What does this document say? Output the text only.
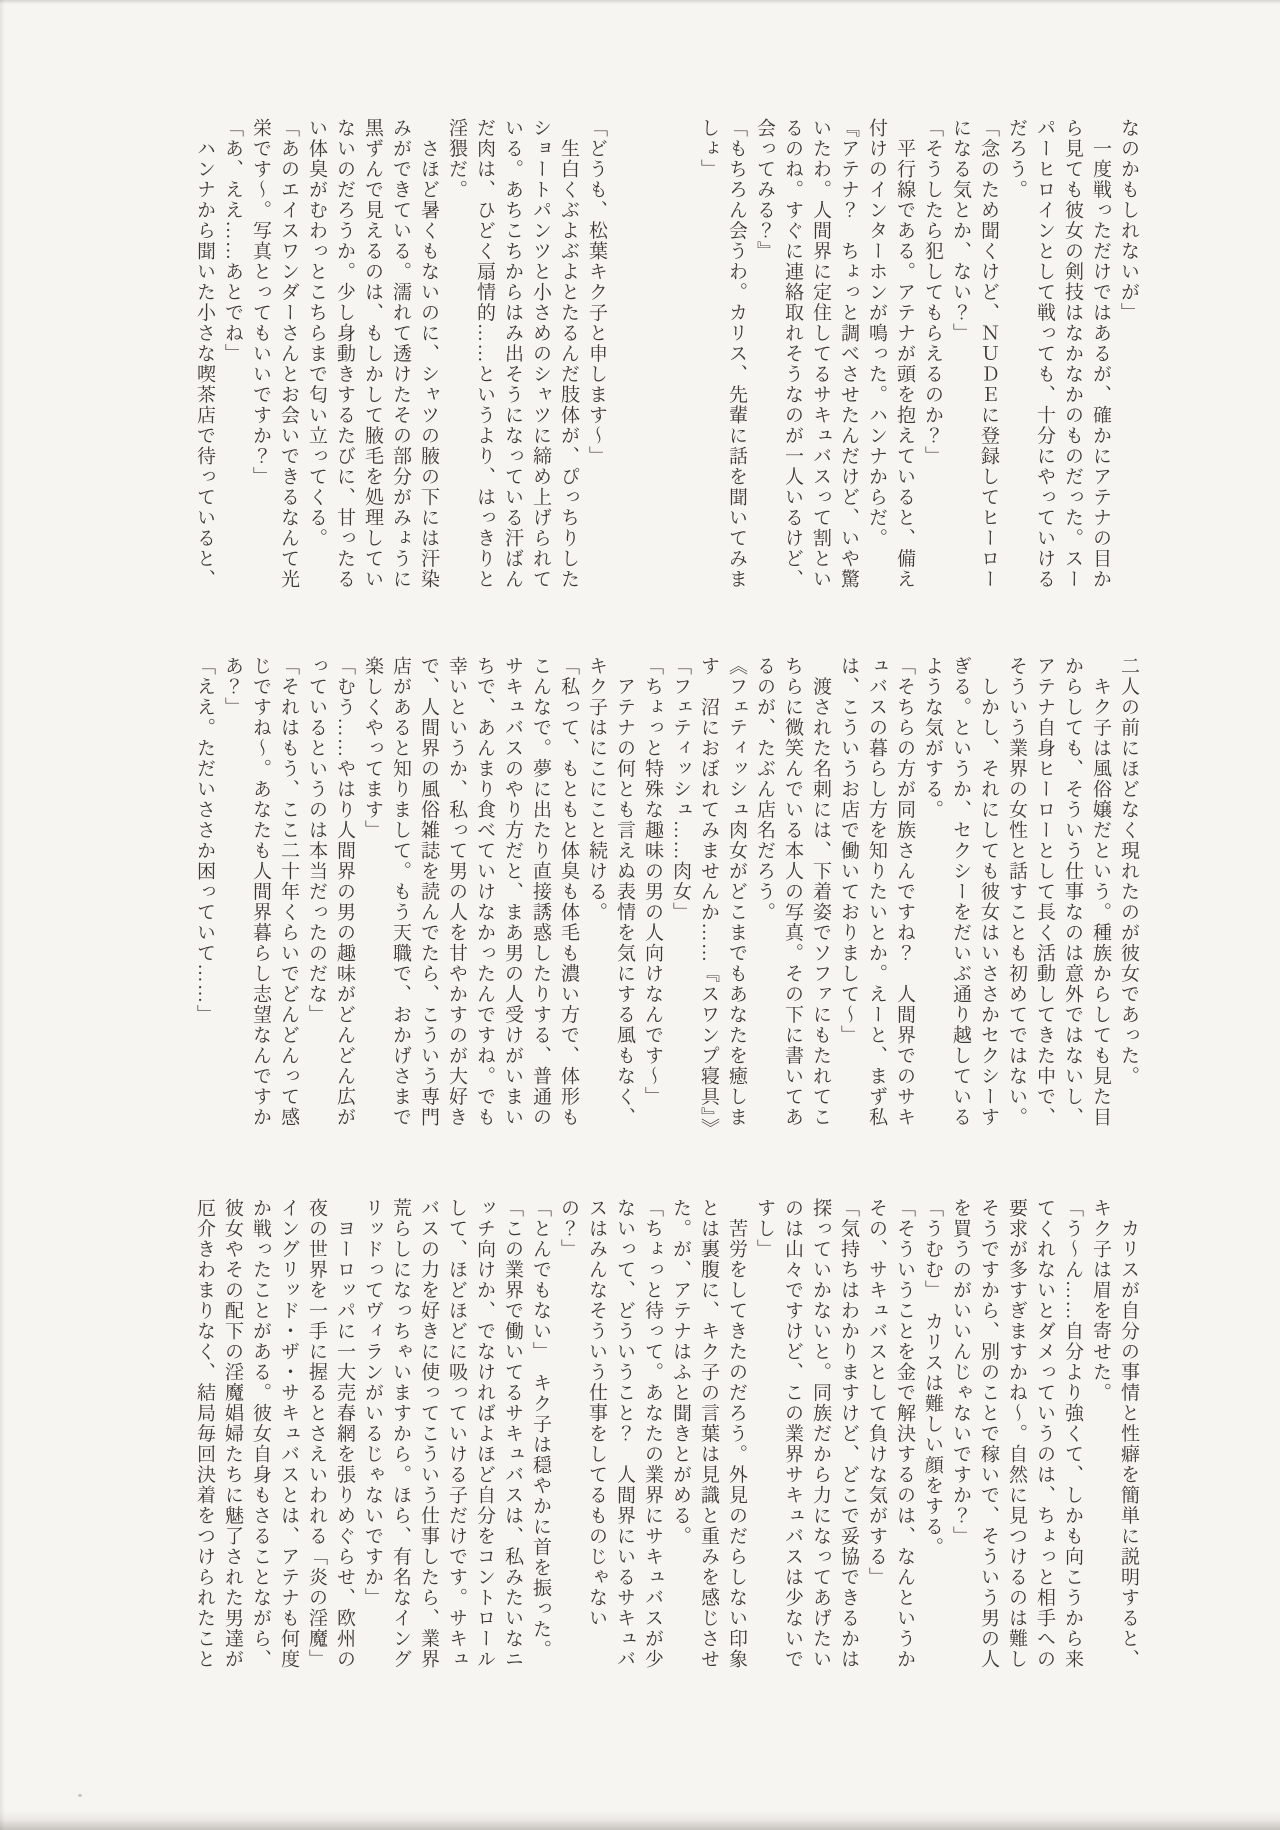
なのかもしれないが」
　一度戦っただけではあるが、確かにアテナの目か
ら見ても彼女の剣技はなかなかのものだった。スー
パーヒロインとして戦っても、十分にやっていける
だろう。
「念のため聞くけど、ＮＵＤＥに登録してヒーロー
になる気とか、ない？」
「そうしたら犯してもらえるのか？」
　平行線である。アテナが頭を抱えていると、備え
付けのインターホンが鳴った。ハンナからだ。
『アテナ？　ちょっと調べさせたんだけど、いや驚
いたわ。人間界に定住してるサキュバスって割とい
るのね。すぐに連絡取れそうなのが一人いるけど、
会ってみる？』
「もちろん会うわ。カリス、先輩に話を聞いてみま
しょ」

「どうも、松葉キク子と申します〜」
　生白くぶよぶよとたるんだ肢体が、ぴっちりした
ショートパンツと小さめのシャツに締め上げられて
いる。あちこちからはみ出そうになっている汗ばん
だ肉は、ひどく扇情的……というより、はっきりと
淫猥だ。
　さほど暑くもないのに、シャツの腋の下には汗染
みができている。濡れて透けたその部分がみょうに
黒ずんで見えるのは、もしかして腋毛を処理してい
ないのだろうか。少し身動きするたびに、甘ったる
い体臭がむわっとこちらまで匂い立ってくる。
「あのエイスワンダーさんとお会いできるなんて光
栄です〜。写真とってもいいですか？」
「あ、ええ……あとでね」
　ハンナから聞いた小さな喫茶店で待っていると、
二人の前にほどなく現れたのが彼女であった。
　キク子は風俗嬢だという。種族からしても見た目
からしても、そういう仕事なのは意外ではないし、
アテナ自身ヒーローとして長く活動してきた中で、
そういう業界の女性と話すことも初めてではない。
　しかし、それにしても彼女はいささかセクシーす
ぎる。というか、セクシーをだいぶ通り越している
ような気がする。
「そちらの方が同族さんですね？　人間界でのサキ
ュバスの暮らし方を知りたいとか。えーと、まず私
は、こういうお店で働いておりまして〜」
　渡された名刺には、下着姿でソファにもたれてこ
ちらに微笑んでいる本人の写真。その下に書いてあ
るのが、たぶん店名だろう。
《フェティッシュ肉女がどこまでもあなたを癒しま
す　沼におぼれてみませんか……『スワンプ寝具』》
「フェティッシュ……肉女」
「ちょっと特殊な趣味の男の人向けなんです〜」
　アテナの何とも言えぬ表情を気にする風もなく、
キク子はにこにこと続ける。
「私って、もともと体臭も体毛も濃い方で、体形も
こんなで。夢に出たり直接誘惑したりする、普通の
サキュバスのやり方だと、まあ男の人受けがいまい
ちで、あんまり食べていけなかったんですね。でも
幸いというか、私って男の人を甘やかすのが大好き
で、人間界の風俗雑誌を読んでたら、こういう専門
店があると知りまして。もう天職で、おかげさまで
楽しくやってます」
「むう……やはり人間界の男の趣味がどんどん広が
っているというのは本当だったのだな」
「それはもう、ここ二十年くらいでどんどんって感
じですね〜。あなたも人間界暮らし志望なんですか
あ？」
「ええ。ただいささか困っていて……」
　カリスが自分の事情と性癖を簡単に説明すると、
キク子は眉を寄せた。
「う〜ん……自分より強くて、しかも向こうから来
てくれないとダメっていうのは、ちょっと相手への
要求が多すぎますかね〜。自然に見つけるのは難し
そうですから、別のことで稼いで、そういう男の人
を買うのがいいんじゃないですか？」
「うむむ」　カリスは難しい顔をする。
「そういうことを金で解決するのは、なんというか
その、サキュバスとして負けな気がする」
「気持ちはわかりますけど、どこで妥協できるかは
探っていかないと。同族だから力になってあげたい
のは山々ですけど、この業界サキュバスは少ないで
すし」
　苦労をしてきたのだろう。外見のだらしない印象
とは裏腹に、キク子の言葉は見識と重みを感じさせ
た。が、アテナはふと聞きとがめる。
「ちょっと待って。あなたの業界にサキュバスが少
ないって、どういうこと？　人間界にいるサキュバ
スはみんなそういう仕事をしてるものじゃない
の？」
「とんでもない」　キク子は穏やかに首を振った。
「この業界で働いてるサキュバスは、私みたいなニ
ッチ向けか、でなければよほど自分をコントロール
して、ほどほどに吸っていける子だけです。サキュ
バスの力を好きに使ってこういう仕事したら、業界
荒らしになっちゃいますから。ほら、有名なイング
リッドってヴィランがいるじゃないですか」
　ヨーロッパに一大売春網を張りめぐらせ、欧州の
夜の世界を一手に握るとさえいわれる「炎の淫魔」
イングリッド・ザ・サキュバスとは、アテナも何度
か戦ったことがある。彼女自身もさることながら、
彼女やその配下の淫魔娼婦たちに魅了された男達が
厄介きわまりなく、結局毎回決着をつけられたこと
